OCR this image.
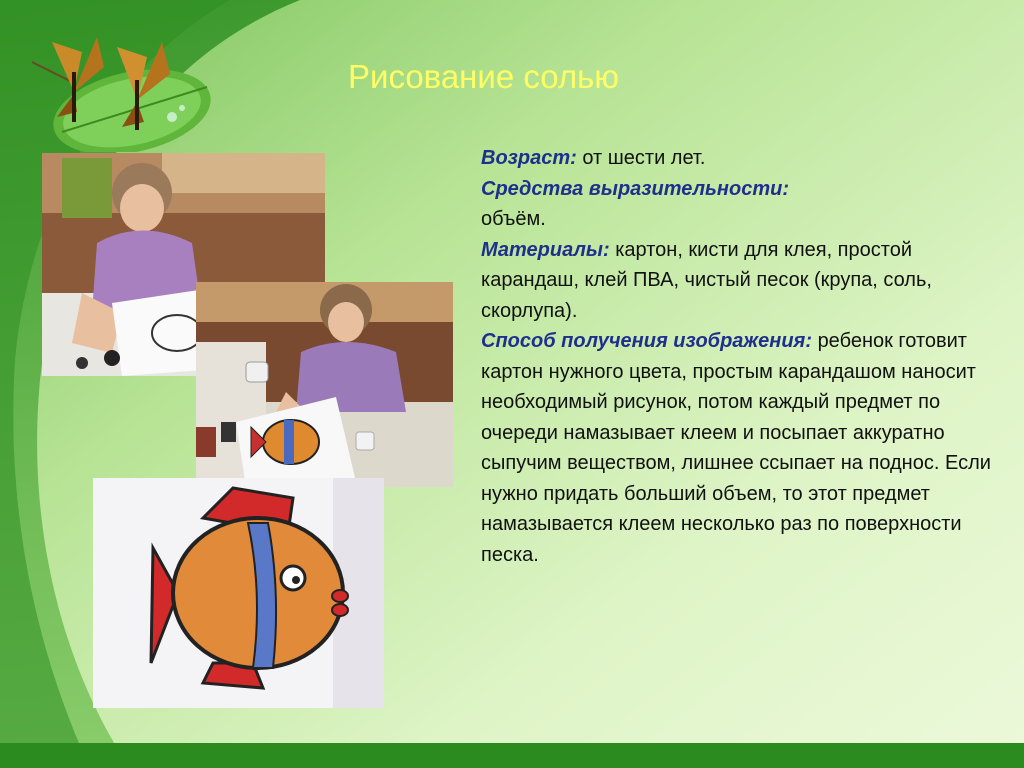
Рисование солью

Возраст: от шести лет.

Средства выразительности:
объём.

Материалы: картон, кисти для клея, простой карандаш, клей ПВА, чистый песок (крупа, соль, скорлупа).

Способ получения изображения: ребенок готовит картон нужного цвета, простым карандашом наносит необходимый рисунок, потом каждый предмет по очереди намазывает клеем и посыпает аккуратно сыпучим веществом, лишнее ссыпает на поднос. Если нужно придать больший объем, то этот предмет намазывается клеем несколько раз по поверхности песка.
